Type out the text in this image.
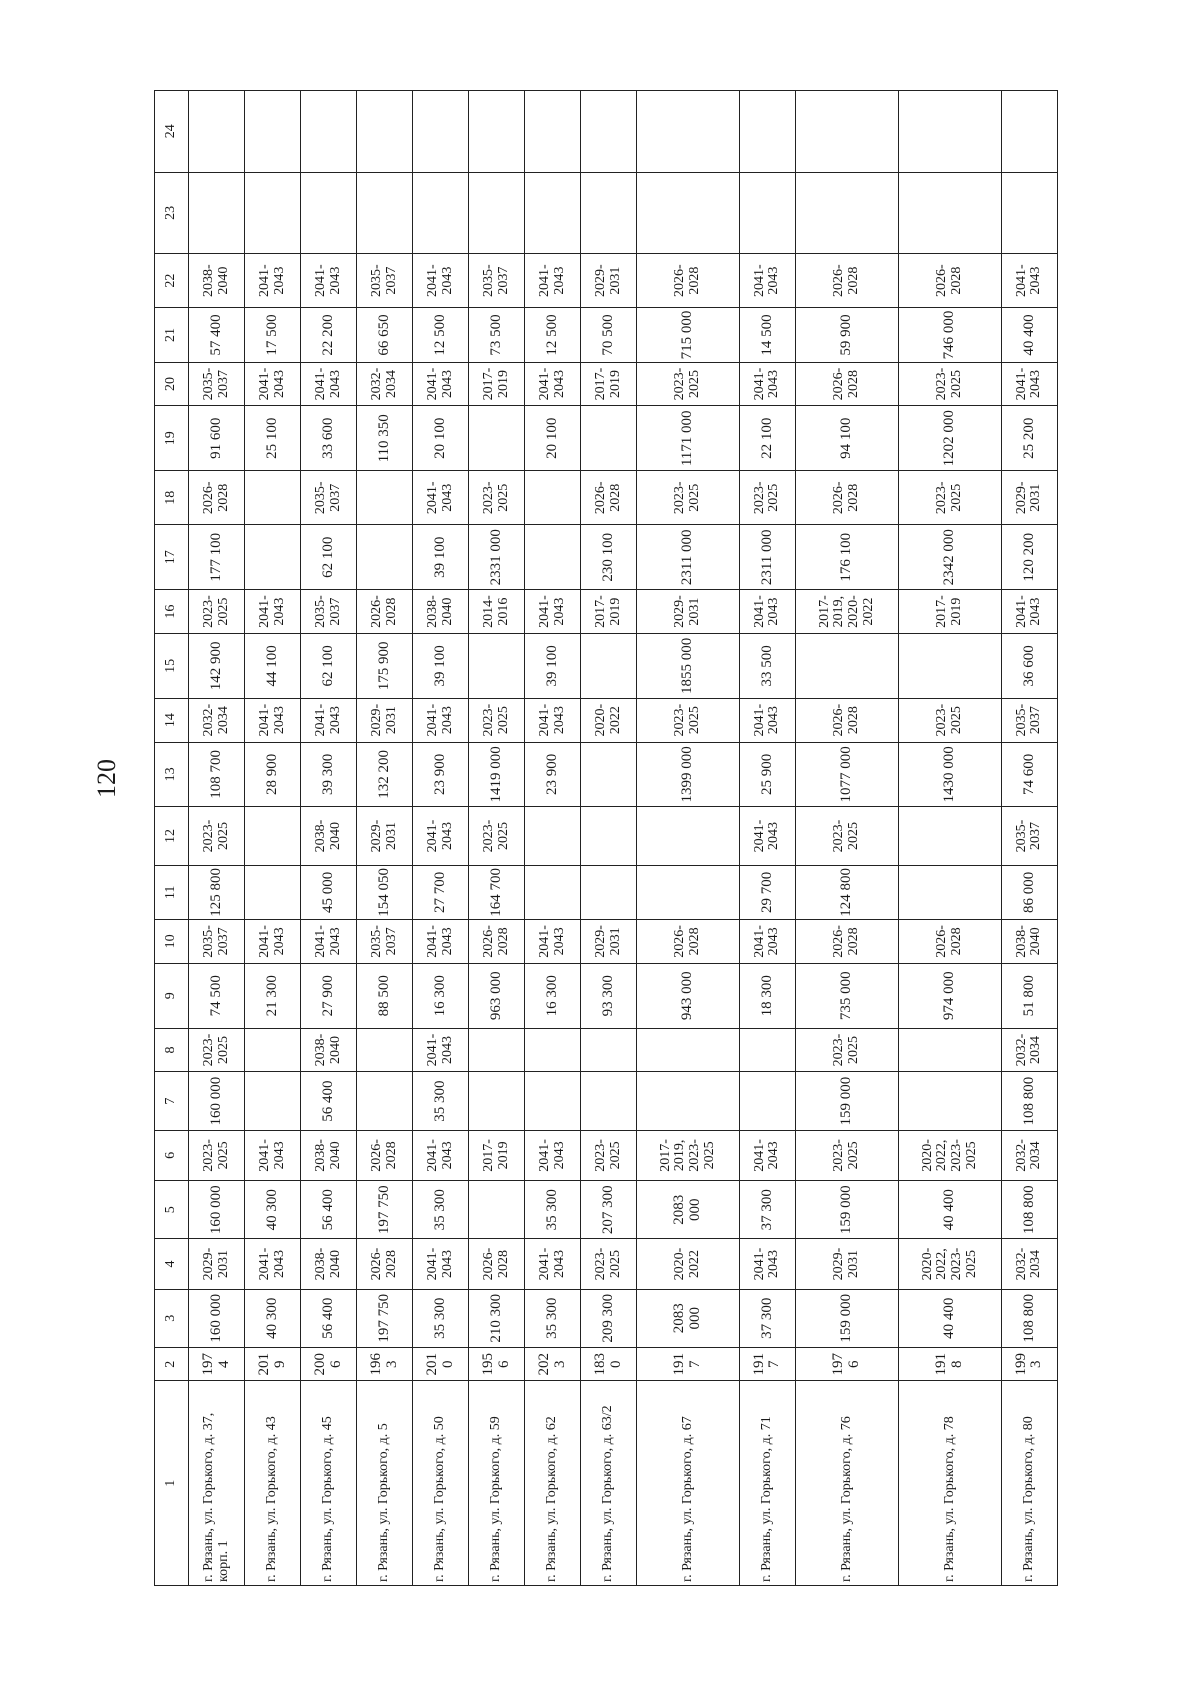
120
1	2	3	4	5	6	7	8	9	10	11	12	13	14	15	16	17	18	19	20	21	22	23	24
г. Рязань, ул. Горького, д. 37, корп. 1	1974	160 000	2029-2031	160 000	2023-2025	160 000	2023-2025	74 500	2035-2037	125 800	2023-2025	108 700	2032-2034	142 900	2023-2025	177 100	2026-2028	91 600	2035-2037	57 400	2038-2040		
г. Рязань, ул. Горького, д. 43	2019	40 300	2041-2043	40 300	2041-2043			21 300	2041-2043			28 900	2041-2043	44 100	2041-2043			25 100	2041-2043	17 500	2041-2043		
г. Рязань, ул. Горького, д. 45	2006	56 400	2038-2040	56 400	2038-2040	56 400	2038-2040	27 900	2041-2043	45 000	2038-2040	39 300	2041-2043	62 100	2035-2037	62 100	2035-2037	33 600	2041-2043	22 200	2041-2043		
г. Рязань, ул. Горького, д. 5	1963	197 750	2026-2028	197 750	2026-2028			88 500	2035-2037	154 050	2029-2031	132 200	2029-2031	175 900	2026-2028			110 350	2032-2034	66 650	2035-2037		
г. Рязань, ул. Горького, д. 50	2010	35 300	2041-2043	35 300	2041-2043	35 300	2041-2043	16 300	2041-2043	27 700	2041-2043	23 900	2041-2043	39 100	2038-2040	39 100	2041-2043	20 100	2041-2043	12 500	2041-2043		
г. Рязань, ул. Горького, д. 59	1956	210 300	2026-2028		2017-2019			963 000	2026-2028	164 700	2023-2025	1419 000	2023-2025		2014-2016	2331 000	2023-2025		2017-2019	73 500	2035-2037		
г. Рязань, ул. Горького, д. 62	2023	35 300	2041-2043	35 300	2041-2043			16 300	2041-2043			23 900	2041-2043	39 100	2041-2043			20 100	2041-2043	12 500	2041-2043		
г. Рязань, ул. Горького, д. 63/2	1830	209 300	2023-2025	207 300	2023-2025			93 300	2029-2031				2020-2022		2017-2019	230 100	2026-2028		2017-2019	70 500	2029-2031		
г. Рязань, ул. Горького, д. 67	1917	2083 000	2020-2022	2083 000	2017-2019, 2023-2025			943 000	2026-2028			1399 000	2023-2025	1855 000	2029-2031	2311 000	2023-2025	1171 000	2023-2025	715 000	2026-2028		
г. Рязань, ул. Горького, д. 71	1917	37 300	2041-2043	37 300	2041-2043			18 300	2041-2043	29 700	2041-2043	25 900	2041-2043	33 500	2041-2043	2311 000	2023-2025	22 100	2041-2043	14 500	2041-2043		
г. Рязань, ул. Горького, д. 76	1976	159 000	2029-2031	159 000	2023-2025	159 000	2023-2025	735 000	2026-2028	124 800	2023-2025	1077 000	2026-2028		2017-2019, 2020-2022	176 100	2026-2028	94 100	2026-2028	59 900	2026-2028		
г. Рязань, ул. Горького, д. 78	1918	40 400	2020-2022, 2023-2025	40 400	2020-2022, 2023-2025			974 000	2026-2028			1430 000	2023-2025		2017-2019	2342 000	2023-2025	1202 000	2023-2025	746 000	2026-2028		
г. Рязань, ул. Горького, д. 80	1993	108 800	2032-2034	108 800	2032-2034	108 800	2032-2034	51 800	2038-2040	86 000	2035-2037	74 600	2035-2037	36 600	2041-2043	120 200	2029-2031	25 200	2041-2043	40 400	2041-2043		
